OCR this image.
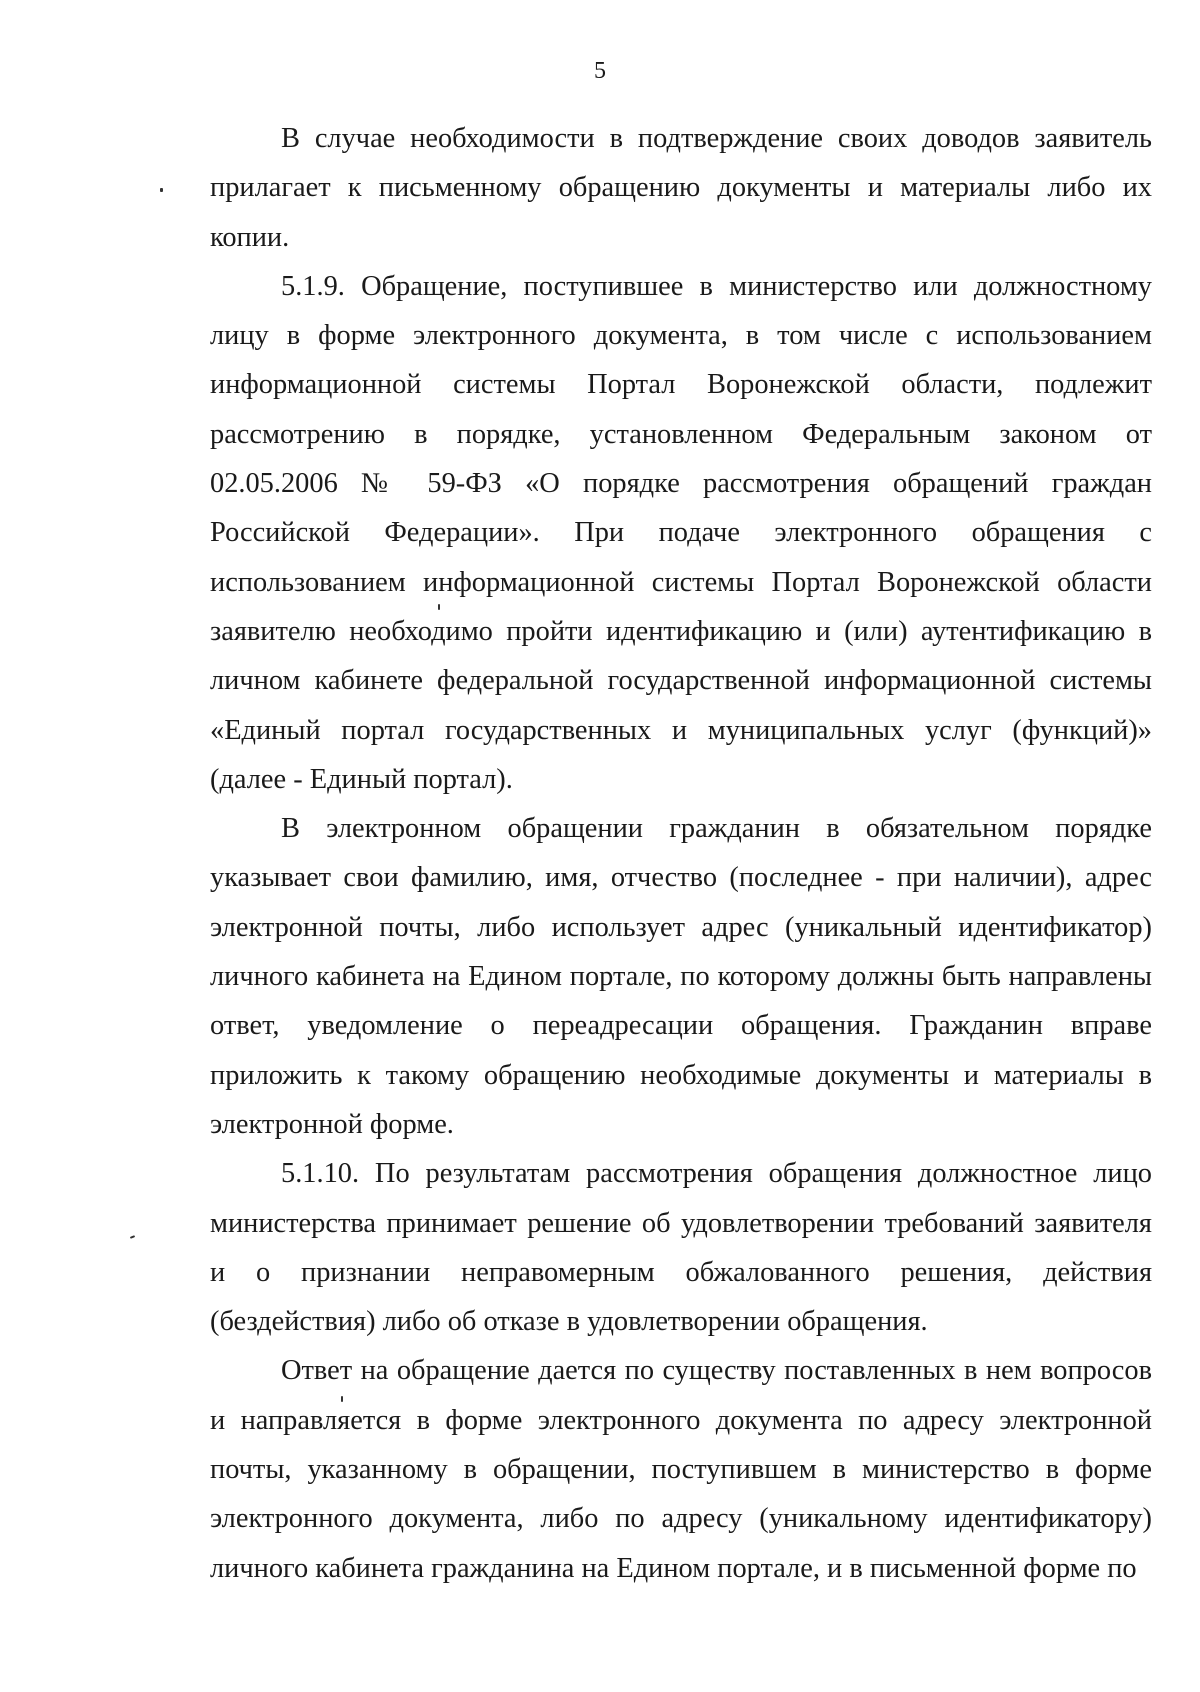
5

В случае необходимости в подтверждение своих доводов заявитель прилагает к письменному обращению документы и материалы либо их копии.

5.1.9. Обращение, поступившее в министерство или должностному лицу в форме электронного документа, в том числе с использованием информационной системы Портал Воронежской области, подлежит рассмотрению в порядке, установленном Федеральным законом от 02.05.2006 № 59-ФЗ «О порядке рассмотрения обращений граждан Российской Федерации». При подаче электронного обращения с использованием информационной системы Портал Воронежской области заявителю необходимо пройти идентификацию и (или) аутентификацию в личном кабинете федеральной государственной информационной системы «Единый портал государственных и муниципальных услуг (функций)» (далее - Единый портал).

В электронном обращении гражданин в обязательном порядке указывает свои фамилию, имя, отчество (последнее - при наличии), адрес электронной почты, либо использует адрес (уникальный идентификатор) личного кабинета на Едином портале, по которому должны быть направлены ответ, уведомление о переадресации обращения. Гражданин вправе приложить к такому обращению необходимые документы и материалы в электронной форме.

5.1.10. По результатам рассмотрения обращения должностное лицо министерства принимает решение об удовлетворении требований заявителя и о признании неправомерным обжалованного решения, действия (бездействия) либо об отказе в удовлетворении обращения.

Ответ на обращение дается по существу поставленных в нем вопросов и направляется в форме электронного документа по адресу электронной почты, указанному в обращении, поступившем в министерство в форме электронного документа, либо по адресу (уникальному идентификатору) личного кабинета гражданина на Едином портале, и в письменной форме по
